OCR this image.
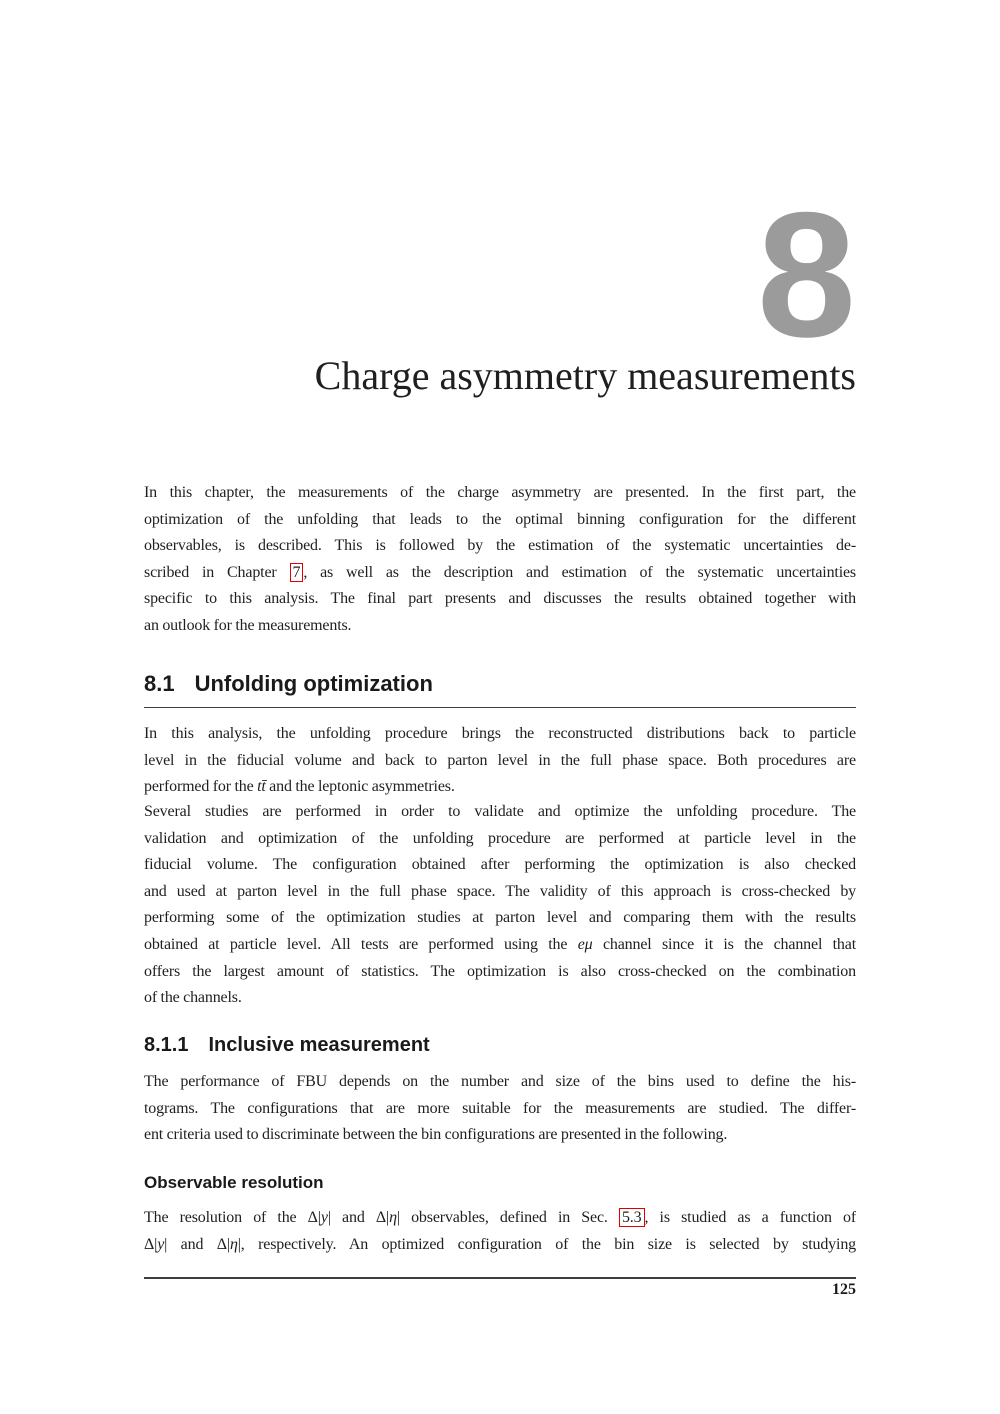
8
Charge asymmetry measurements
In this chapter, the measurements of the charge asymmetry are presented. In the first part, the
optimization of the unfolding that leads to the optimal binning configuration for the different
observables, is described. This is followed by the estimation of the systematic uncertainties de-
scribed in Chapter 7 , as well as the description and estimation of the systematic uncertainties
specific to this analysis. The final part presents and discusses the results obtained together with
an outlook for the measurements.
8.1 Unfolding optimization
In this analysis, the unfolding procedure brings the reconstructed distributions back to particle
level in the fiducial volume and back to parton level in the full phase space. Both procedures are
performed for the tt̄ and the leptonic asymmetries.
Several studies are performed in order to validate and optimize the unfolding procedure. The
validation and optimization of the unfolding procedure are performed at particle level in the
fiducial volume. The configuration obtained after performing the optimization is also checked
and used at parton level in the full phase space. The validity of this approach is cross-checked by
performing some of the optimization studies at parton level and comparing them with the results
obtained at particle level. All tests are performed using the eμ channel since it is the channel that
offers the largest amount of statistics. The optimization is also cross-checked on the combination
of the channels.
8.1.1 Inclusive measurement
The performance of FBU depends on the number and size of the bins used to define the his-
tograms. The configurations that are more suitable for the measurements are studied. The differ-
ent criteria used to discriminate between the bin configurations are presented in the following.
Observable resolution
The resolution of the Δ|y| and Δ|η| observables, defined in Sec. 5.3 , is studied as a function of
Δ|y| and Δ|η|, respectively. An optimized configuration of the bin size is selected by studying
125
